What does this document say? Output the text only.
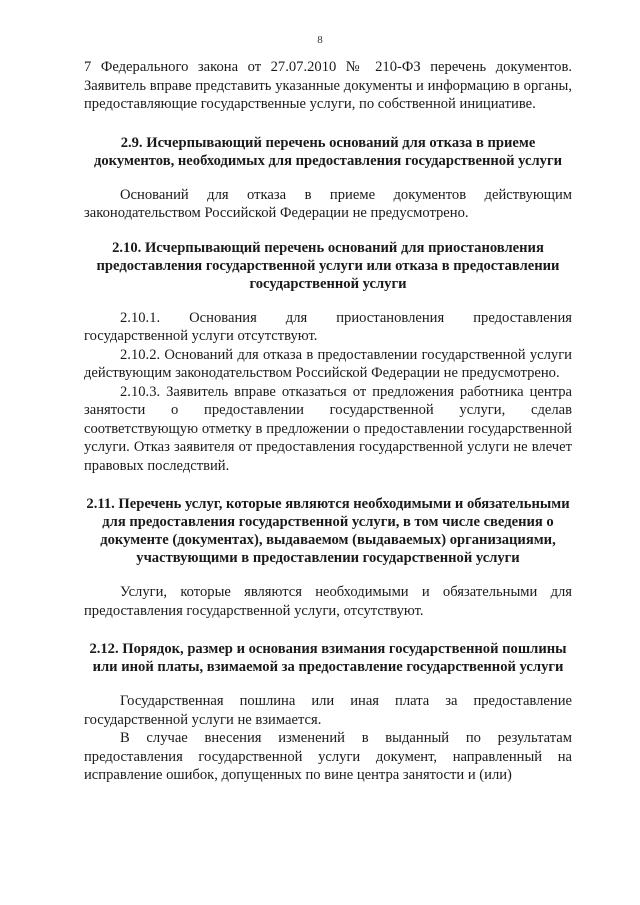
8

7 Федерального закона от 27.07.2010 № 210-ФЗ перечень документов. Заявитель вправе представить указанные документы и информацию в органы, предоставляющие государственные услуги, по собственной инициативе.

2.9. Исчерпывающий перечень оснований для отказа в приеме документов, необходимых для предоставления государственной услуги

Оснований для отказа в приеме документов действующим законодательством Российской Федерации не предусмотрено.

2.10. Исчерпывающий перечень оснований для приостановления предоставления государственной услуги или отказа в предоставлении государственной услуги

2.10.1. Основания для приостановления предоставления государственной услуги отсутствуют.

2.10.2. Оснований для отказа в предоставлении государственной услуги действующим законодательством Российской Федерации не предусмотрено.

2.10.3. Заявитель вправе отказаться от предложения работника центра занятости о предоставлении государственной услуги, сделав соответствующую отметку в предложении о предоставлении государственной услуги. Отказ заявителя от предоставления государственной услуги не влечет правовых последствий.

2.11. Перечень услуг, которые являются необходимыми и обязательными для предоставления государственной услуги, в том числе сведения о документе (документах), выдаваемом (выдаваемых) организациями, участвующими в предоставлении государственной услуги

Услуги, которые являются необходимыми и обязательными для предоставления государственной услуги, отсутствуют.

2.12. Порядок, размер и основания взимания государственной пошлины или иной платы, взимаемой за предоставление государственной услуги

Государственная пошлина или иная плата за предоставление государственной услуги не взимается.

В случае внесения изменений в выданный по результатам предоставления государственной услуги документ, направленный на исправление ошибок, допущенных по вине центра занятости и (или)
